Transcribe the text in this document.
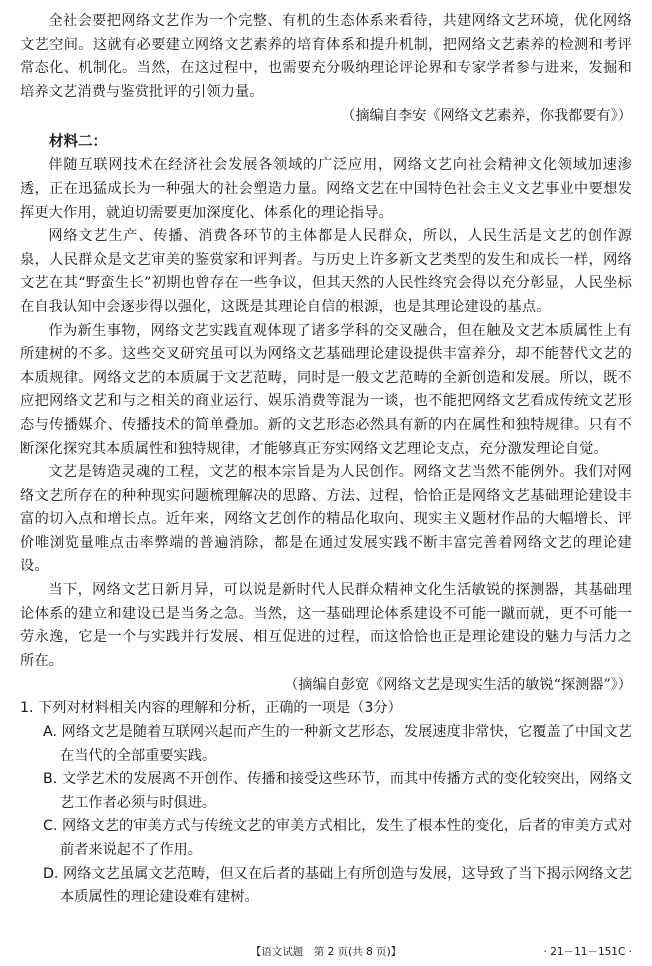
全社会要把网络文艺作为一个完整、有机的生态体系来看待，共建网络文艺环境，优化网络文艺空间。这就有必要建立网络文艺素养的培育体系和提升机制，把网络文艺素养的检测和考评常态化、机制化。当然，在这过程中，也需要充分吸纳理论评论界和专家学者参与进来，发掘和培养文艺消费与鉴赏批评的引领力量。

（摘编自李安《网络文艺素养，你我都要有》）

材料二：

伴随互联网技术在经济社会发展各领域的广泛应用，网络文艺向社会精神文化领域加速渗透，正在迅猛成长为一种强大的社会塑造力量。网络文艺在中国特色社会主义文艺事业中要想发挥更大作用，就迫切需要更加深度化、体系化的理论指导。

网络文艺生产、传播、消费各环节的主体都是人民群众，所以，人民生活是文艺的创作源泉，人民群众是文艺审美的鉴赏家和评判者。与历史上许多新文艺类型的发生和成长一样，网络文艺在其“野蛮生长”初期也曾存在一些争议，但其天然的人民性终究会得以充分彰显，人民坐标在自我认知中会逐步得以强化，这既是其理论自信的根源，也是其理论建设的基点。

作为新生事物，网络文艺实践直观体现了诸多学科的交叉融合，但在触及文艺本质属性上有所建树的不多。这些交叉研究虽可以为网络文艺基础理论建设提供丰富养分，却不能替代文艺的本质规律。网络文艺的本质属于文艺范畴，同时是一般文艺范畴的全新创造和发展。所以，既不应把网络文艺和与之相关的商业运行、娱乐消费等混为一谈，也不能把网络文艺看成传统文艺形态与传播媒介、传播技术的简单叠加。新的文艺形态必然具有新的内在属性和独特规律。只有不断深化探究其本质属性和独特规律，才能够真正夯实网络文艺理论支点，充分激发理论自觉。

文艺是铸造灵魂的工程，文艺的根本宗旨是为人民创作。网络文艺当然不能例外。我们对网络文艺所存在的种种现实问题梳理解决的思路、方法、过程，恰恰正是网络文艺基础理论建设丰富的切入点和增长点。近年来，网络文艺创作的精品化取向、现实主义题材作品的大幅增长、评价唯浏览量唯点击率弊端的普遍消除，都是在通过发展实践不断丰富完善着网络文艺的理论建设。

当下，网络文艺日新月异，可以说是新时代人民群众精神文化生活敏锐的探测器，其基础理论体系的建立和建设已是当务之急。当然，这一基础理论体系建设不可能一蹴而就，更不可能一劳永逸，它是一个与实践并行发展、相互促进的过程，而这恰恰也正是理论建设的魅力与活力之所在。

（摘编自彭宽《网络文艺是现实生活的敏锐“探测器”》）

1. 下列对材料相关内容的理解和分析，正确的一项是（3分）

A. 网络文艺是随着互联网兴起而产生的一种新文艺形态，发展速度非常快，它覆盖了中国文艺在当代的全部重要实践。

B. 文学艺术的发展离不开创作、传播和接受这些环节，而其中传播方式的变化较突出，网络文艺工作者必须与时俱进。

C. 网络文艺的审美方式与传统文艺的审美方式相比，发生了根本性的变化，后者的审美方式对前者来说起不了作用。

D. 网络文艺虽属文艺范畴，但又在后者的基础上有所创造与发展，这导致了当下揭示网络文艺本质属性的理论建设难有建树。

【语文试题　第 2 页(共 8 页)】	· 21－11－151C ·
